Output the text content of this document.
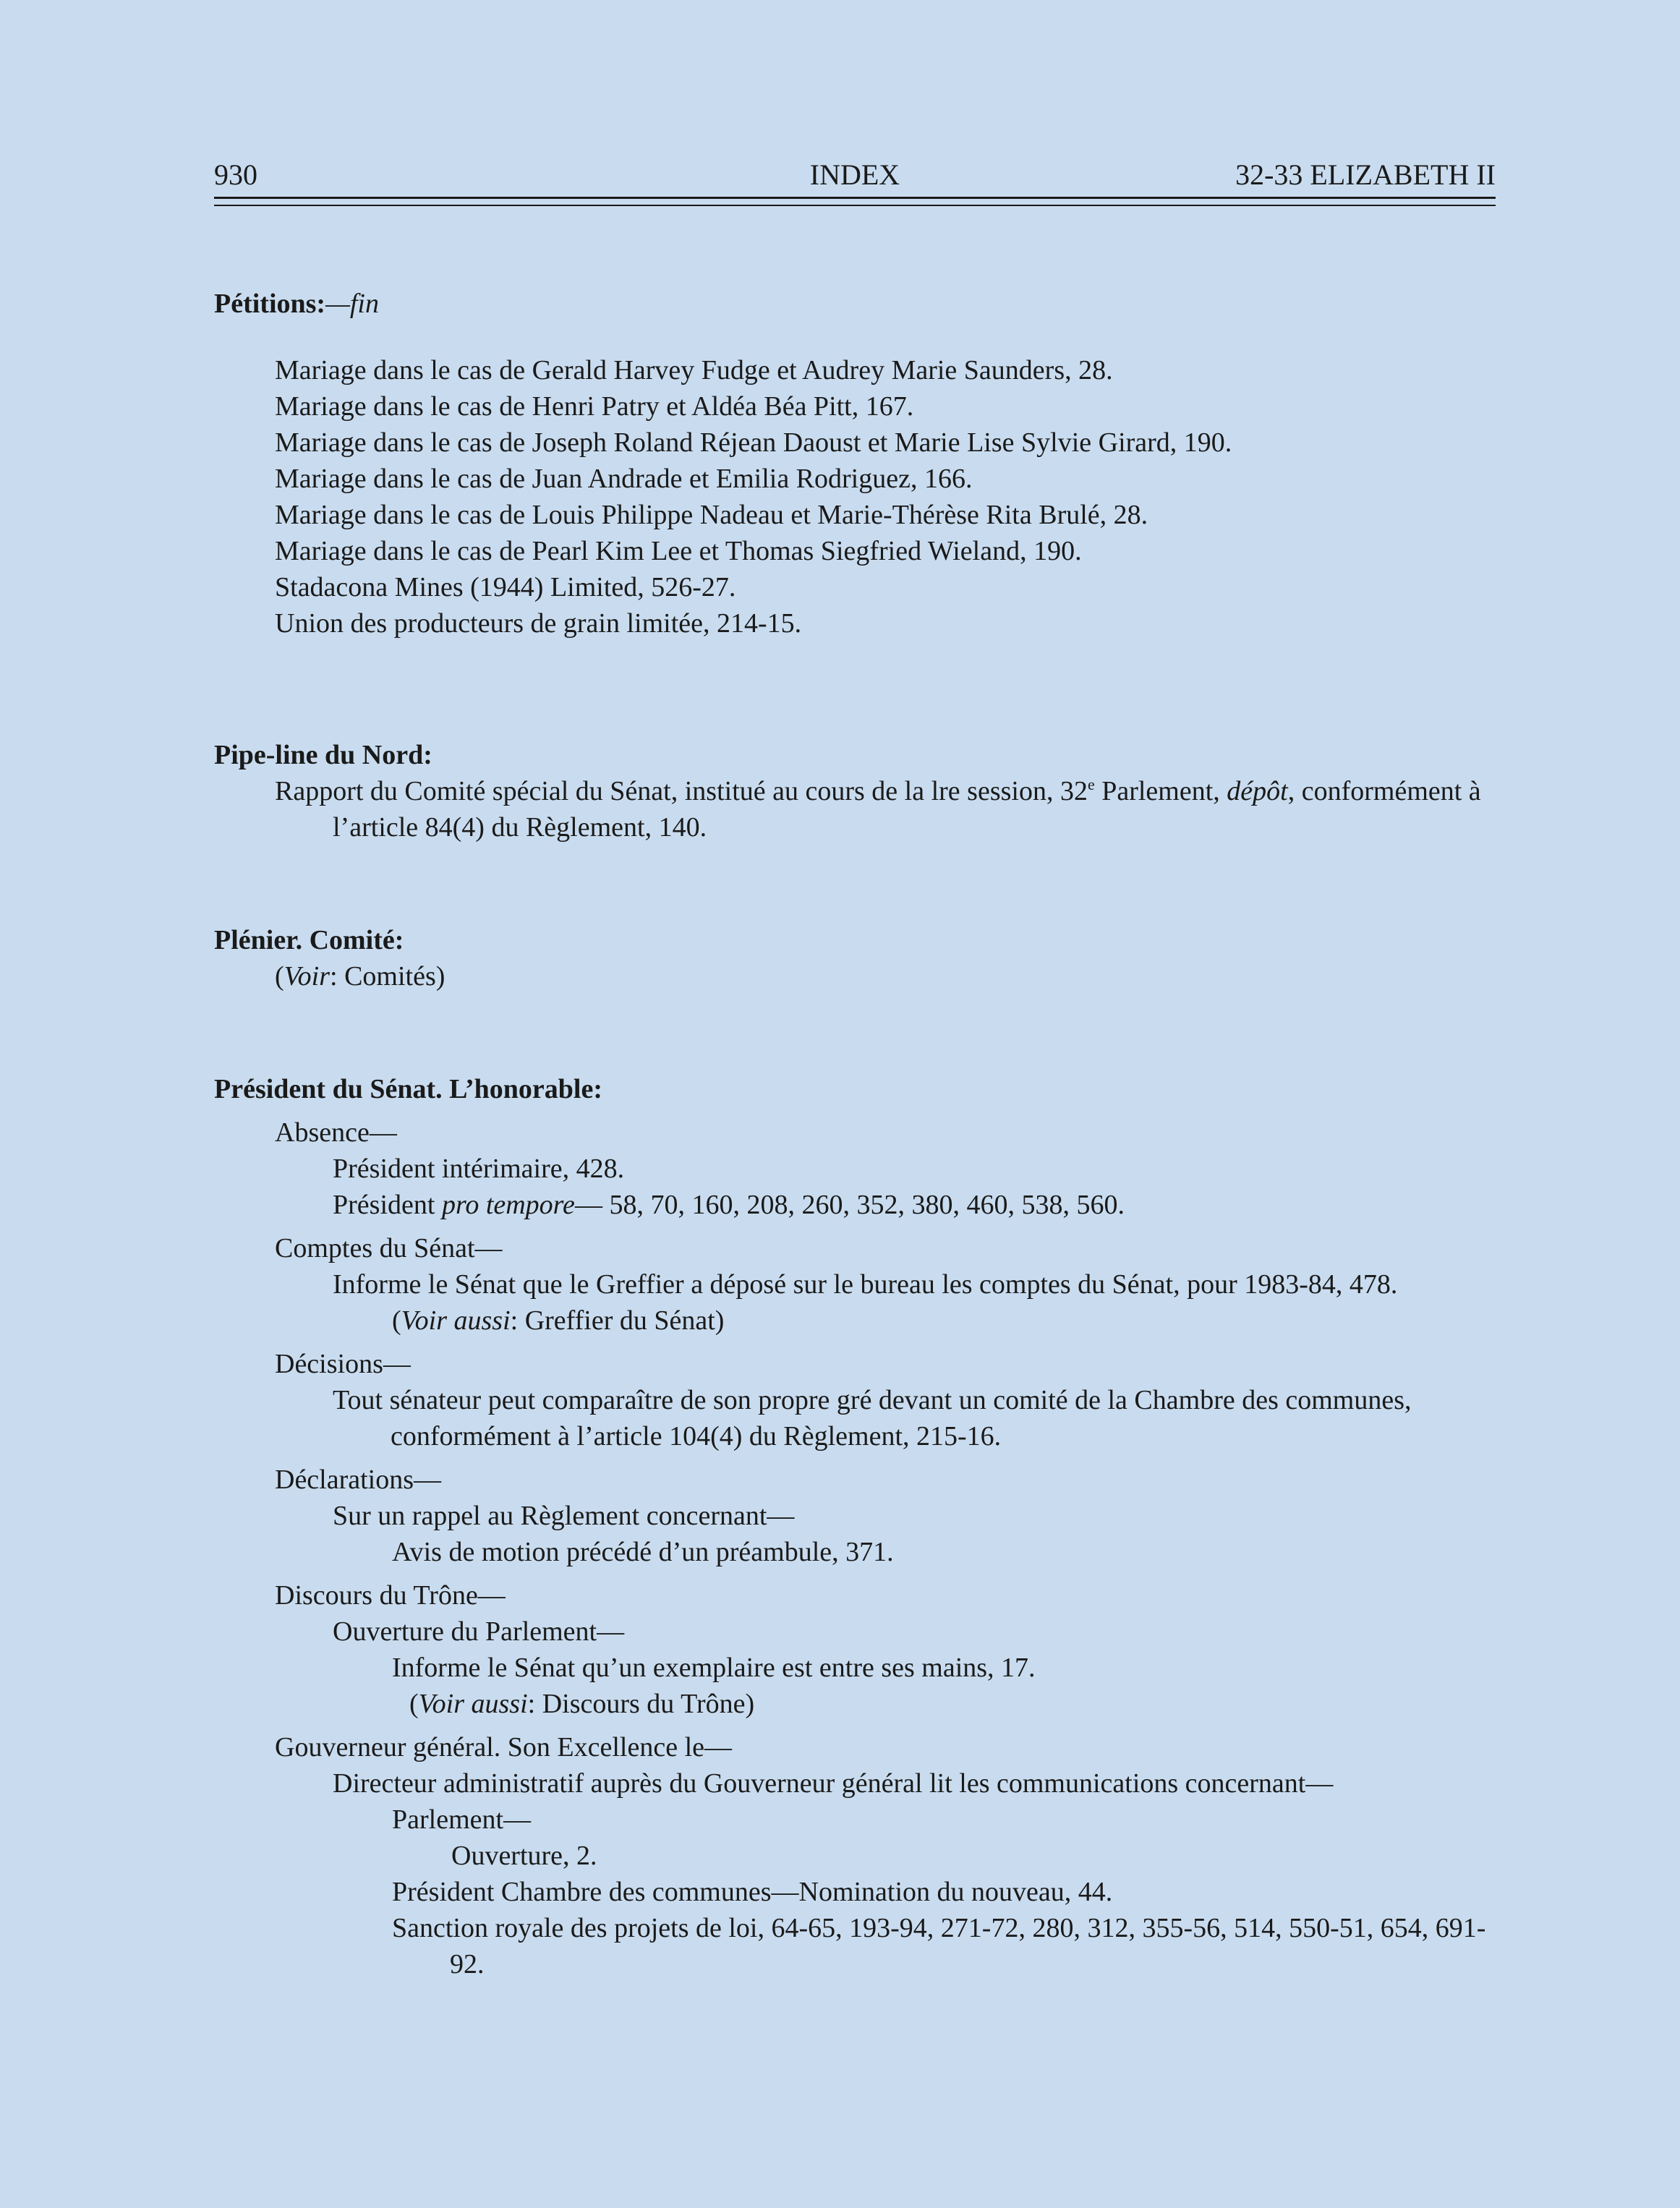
930	INDEX	32-33 ELIZABETH II
Pétitions:—fin
Mariage dans le cas de Gerald Harvey Fudge et Audrey Marie Saunders, 28.
Mariage dans le cas de Henri Patry et Aldéa Béa Pitt, 167.
Mariage dans le cas de Joseph Roland Réjean Daoust et Marie Lise Sylvie Girard, 190.
Mariage dans le cas de Juan Andrade et Emilia Rodriguez, 166.
Mariage dans le cas de Louis Philippe Nadeau et Marie-Thérèse Rita Brulé, 28.
Mariage dans le cas de Pearl Kim Lee et Thomas Siegfried Wieland, 190.
Stadacona Mines (1944) Limited, 526-27.
Union des producteurs de grain limitée, 214-15.
Pipe-line du Nord:
Rapport du Comité spécial du Sénat, institué au cours de la lre session, 32e Parlement, dépôt, conformément à l’article 84(4) du Règlement, 140.
Plénier. Comité:
(Voir: Comités)
Président du Sénat. L’honorable:
Absence—
Président intérimaire, 428.
Président pro tempore— 58, 70, 160, 208, 260, 352, 380, 460, 538, 560.
Comptes du Sénat—
Informe le Sénat que le Greffier a déposé sur le bureau les comptes du Sénat, pour 1983-84, 478.
(Voir aussi: Greffier du Sénat)
Décisions—
Tout sénateur peut comparaître de son propre gré devant un comité de la Chambre des communes, conformément à l’article 104(4) du Règlement, 215-16.
Déclarations—
Sur un rappel au Règlement concernant—
Avis de motion précédé d’un préambule, 371.
Discours du Trône—
Ouverture du Parlement—
Informe le Sénat qu’un exemplaire est entre ses mains, 17.
(Voir aussi: Discours du Trône)
Gouverneur général. Son Excellence le—
Directeur administratif auprès du Gouverneur général lit les communications concernant—
Parlement—
Ouverture, 2.
Président Chambre des communes—Nomination du nouveau, 44.
Sanction royale des projets de loi, 64-65, 193-94, 271-72, 280, 312, 355-56, 514, 550-51, 654, 691-92.
